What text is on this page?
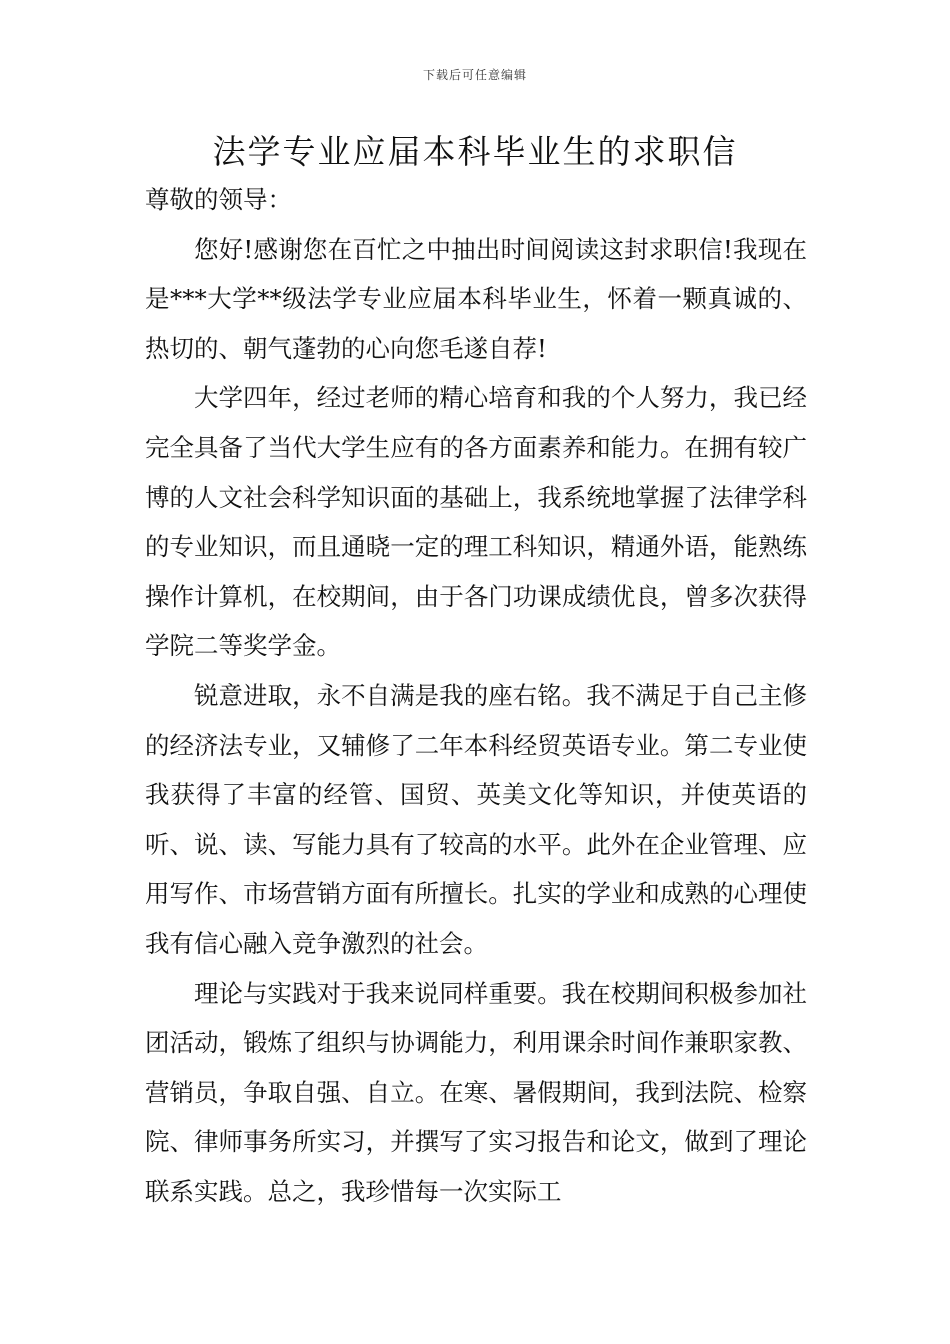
下载后可任意编辑
法学专业应届本科毕业生的求职信

尊敬的领导：

您好!感谢您在百忙之中抽出时间阅读这封求职信!我现在是***大学**级法学专业应届本科毕业生，怀着一颗真诚的、热切的、朝气蓬勃的心向您毛遂自荐!

大学四年，经过老师的精心培育和我的个人努力，我已经完全具备了当代大学生应有的各方面素养和能力。在拥有较广博的人文社会科学知识面的基础上，我系统地掌握了法律学科的专业知识，而且通晓一定的理工科知识，精通外语，能熟练操作计算机，在校期间，由于各门功课成绩优良，曾多次获得学院二等奖学金。

锐意进取，永不自满是我的座右铭。我不满足于自己主修的经济法专业，又辅修了二年本科经贸英语专业。第二专业使我获得了丰富的经管、国贸、英美文化等知识，并使英语的听、说、读、写能力具有了较高的水平。此外在企业管理、应用写作、市场营销方面有所擅长。扎实的学业和成熟的心理使我有信心融入竞争激烈的社会。

理论与实践对于我来说同样重要。我在校期间积极参加社团活动，锻炼了组织与协调能力，利用课余时间作兼职家教、营销员，争取自强、自立。在寒、暑假期间，我到法院、检察院、律师事务所实习，并撰写了实习报告和论文，做到了理论联系实践。总之，我珍惜每一次实际工
